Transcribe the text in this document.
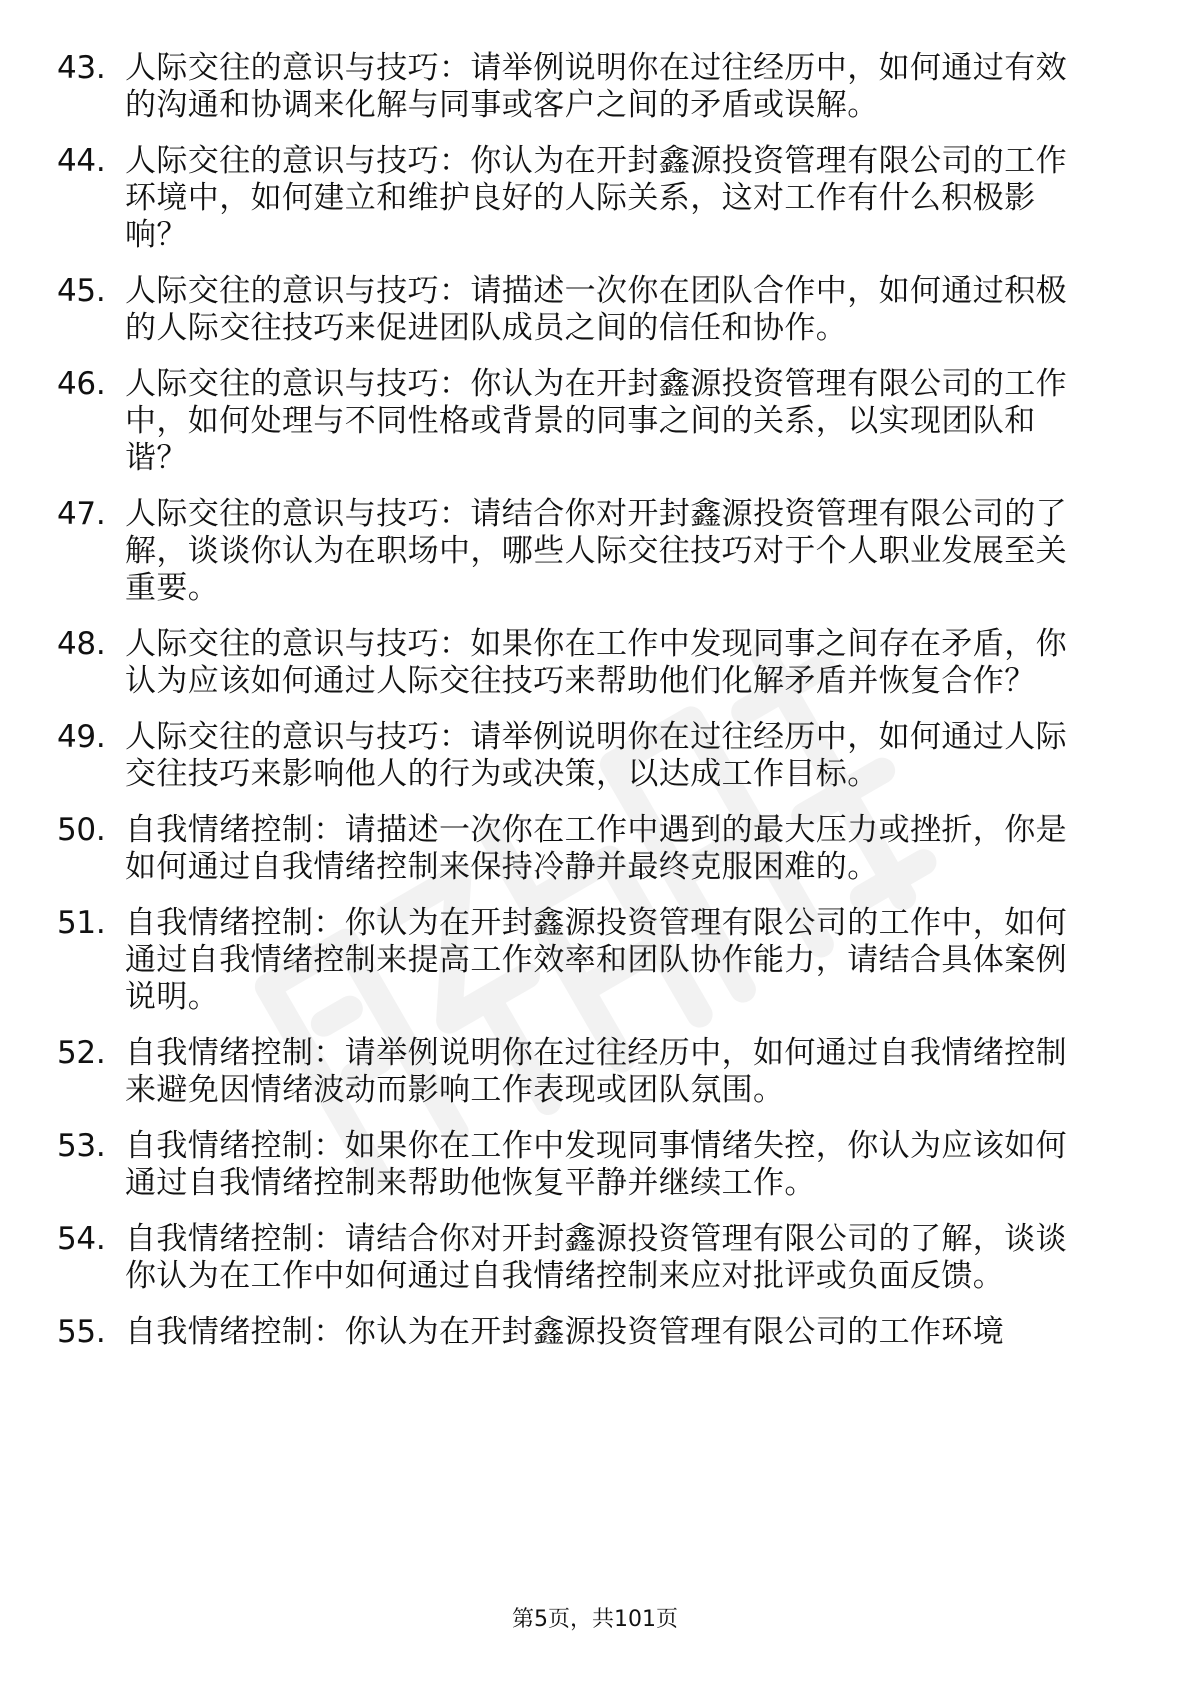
43. 人际交往的意识与技巧：请举例说明你在过往经历中，如何通过有效的沟通和协调来化解与同事或客户之间的矛盾或误解。
44. 人际交往的意识与技巧：你认为在开封鑫源投资管理有限公司的工作环境中，如何建立和维护良好的人际关系，这对工作有什么积极影响？
45. 人际交往的意识与技巧：请描述一次你在团队合作中，如何通过积极的人际交往技巧来促进团队成员之间的信任和协作。
46. 人际交往的意识与技巧：你认为在开封鑫源投资管理有限公司的工作中，如何处理与不同性格或背景的同事之间的关系，以实现团队和谐？
47. 人际交往的意识与技巧：请结合你对开封鑫源投资管理有限公司的了解，谈谈你认为在职场中，哪些人际交往技巧对于个人职业发展至关重要。
48. 人际交往的意识与技巧：如果你在工作中发现同事之间存在矛盾，你认为应该如何通过人际交往技巧来帮助他们化解矛盾并恢复合作？
49. 人际交往的意识与技巧：请举例说明你在过往经历中，如何通过人际交往技巧来影响他人的行为或决策，以达成工作目标。
50. 自我情绪控制：请描述一次你在工作中遇到的最大压力或挫折，你是如何通过自我情绪控制来保持冷静并最终克服困难的。
51. 自我情绪控制：你认为在开封鑫源投资管理有限公司的工作中，如何通过自我情绪控制来提高工作效率和团队协作能力，请结合具体案例说明。
52. 自我情绪控制：请举例说明你在过往经历中，如何通过自我情绪控制来避免因情绪波动而影响工作表现或团队氛围。
53. 自我情绪控制：如果你在工作中发现同事情绪失控，你认为应该如何通过自我情绪控制来帮助他恢复平静并继续工作。
54. 自我情绪控制：请结合你对开封鑫源投资管理有限公司的了解，谈谈你认为在工作中如何通过自我情绪控制来应对批评或负面反馈。
55. 自我情绪控制：你认为在开封鑫源投资管理有限公司的工作环境
第5页，共101页
